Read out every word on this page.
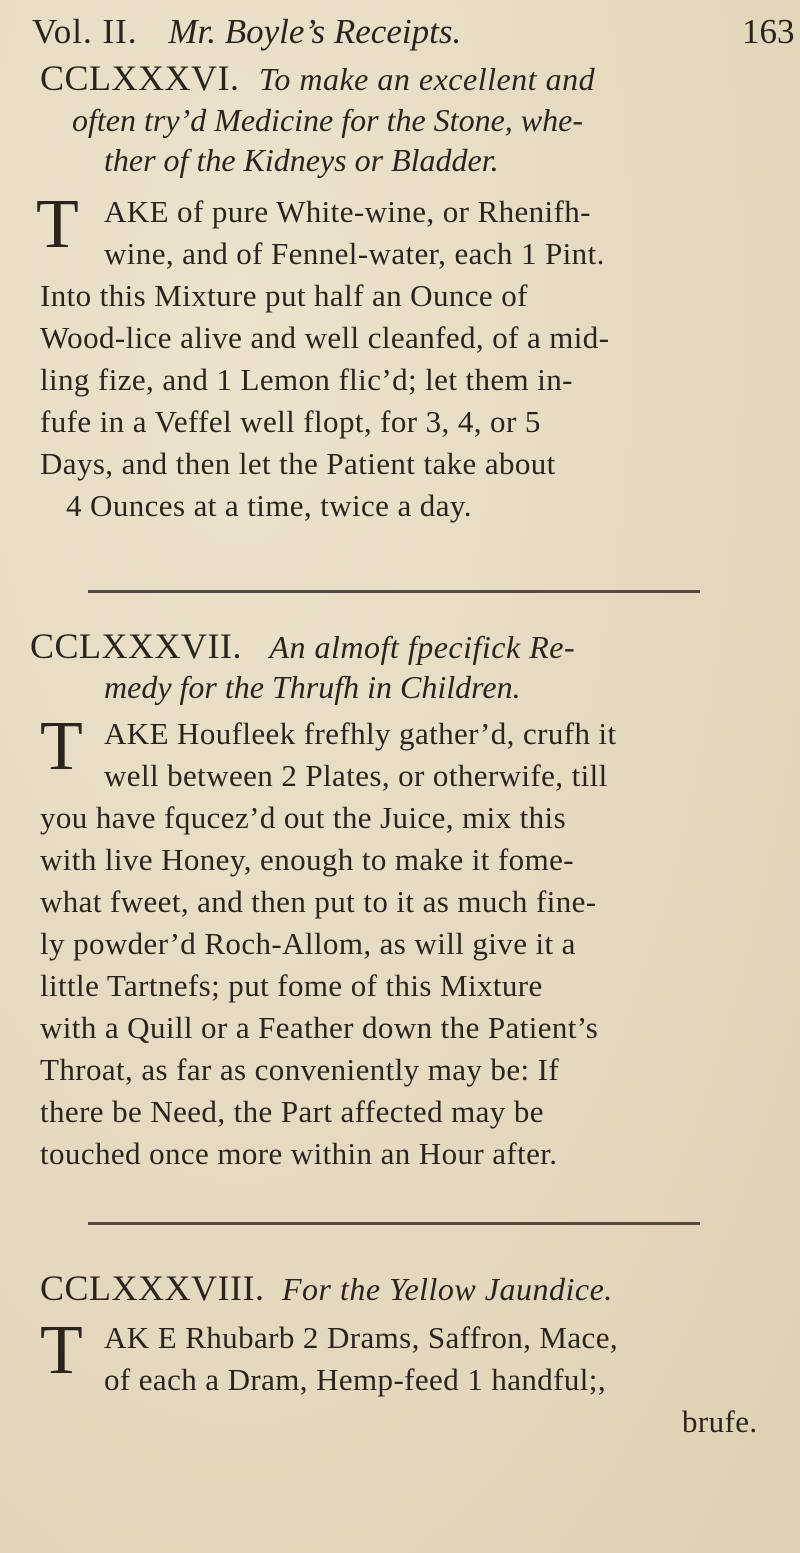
Vol. II. Mr. Boyle’s Receipts.	163
CCLXXXVI. To make an excellent and
often try’d Medicine for the Stone, whe-
ther of the Kidneys or Bladder.
T AKE of pure White-wine, or Rhenifh-
wine, and of Fennel-water, each 1 Pint.
Into this Mixture put half an Ounce of
Wood-lice alive and well cleanfed, of a mid-
ling fize, and 1 Lemon flic’d; let them in-
fufe in a Veffel well flopt, for 3, 4, or 5
Days, and then let the Patient take about
4 Ounces at a time, twice a day.
CCLXXXVII. An almoft fpecifick Re-
medy for the Thrufh in Children.
T AKE Houfleek frefhly gather’d, crufh it
well between 2 Plates, or otherwife, till
you have fqucez’d out the Juice, mix this
with live Honey, enough to make it fome-
what fweet, and then put to it as much fine-
ly powder’d Roch-Allom, as will give it a
little Tartnefs; put fome of this Mixture
with a Quill or a Feather down the Patient’s
Throat, as far as conveniently may be: If
there be Need, the Part affected may be
touched once more within an Hour after.
CCLXXXVIII. For the Yellow Jaundice.
T AK E Rhubarb 2 Drams, Saffron, Mace,
of each a Dram, Hemp-feed 1 handful;,
brufe.
